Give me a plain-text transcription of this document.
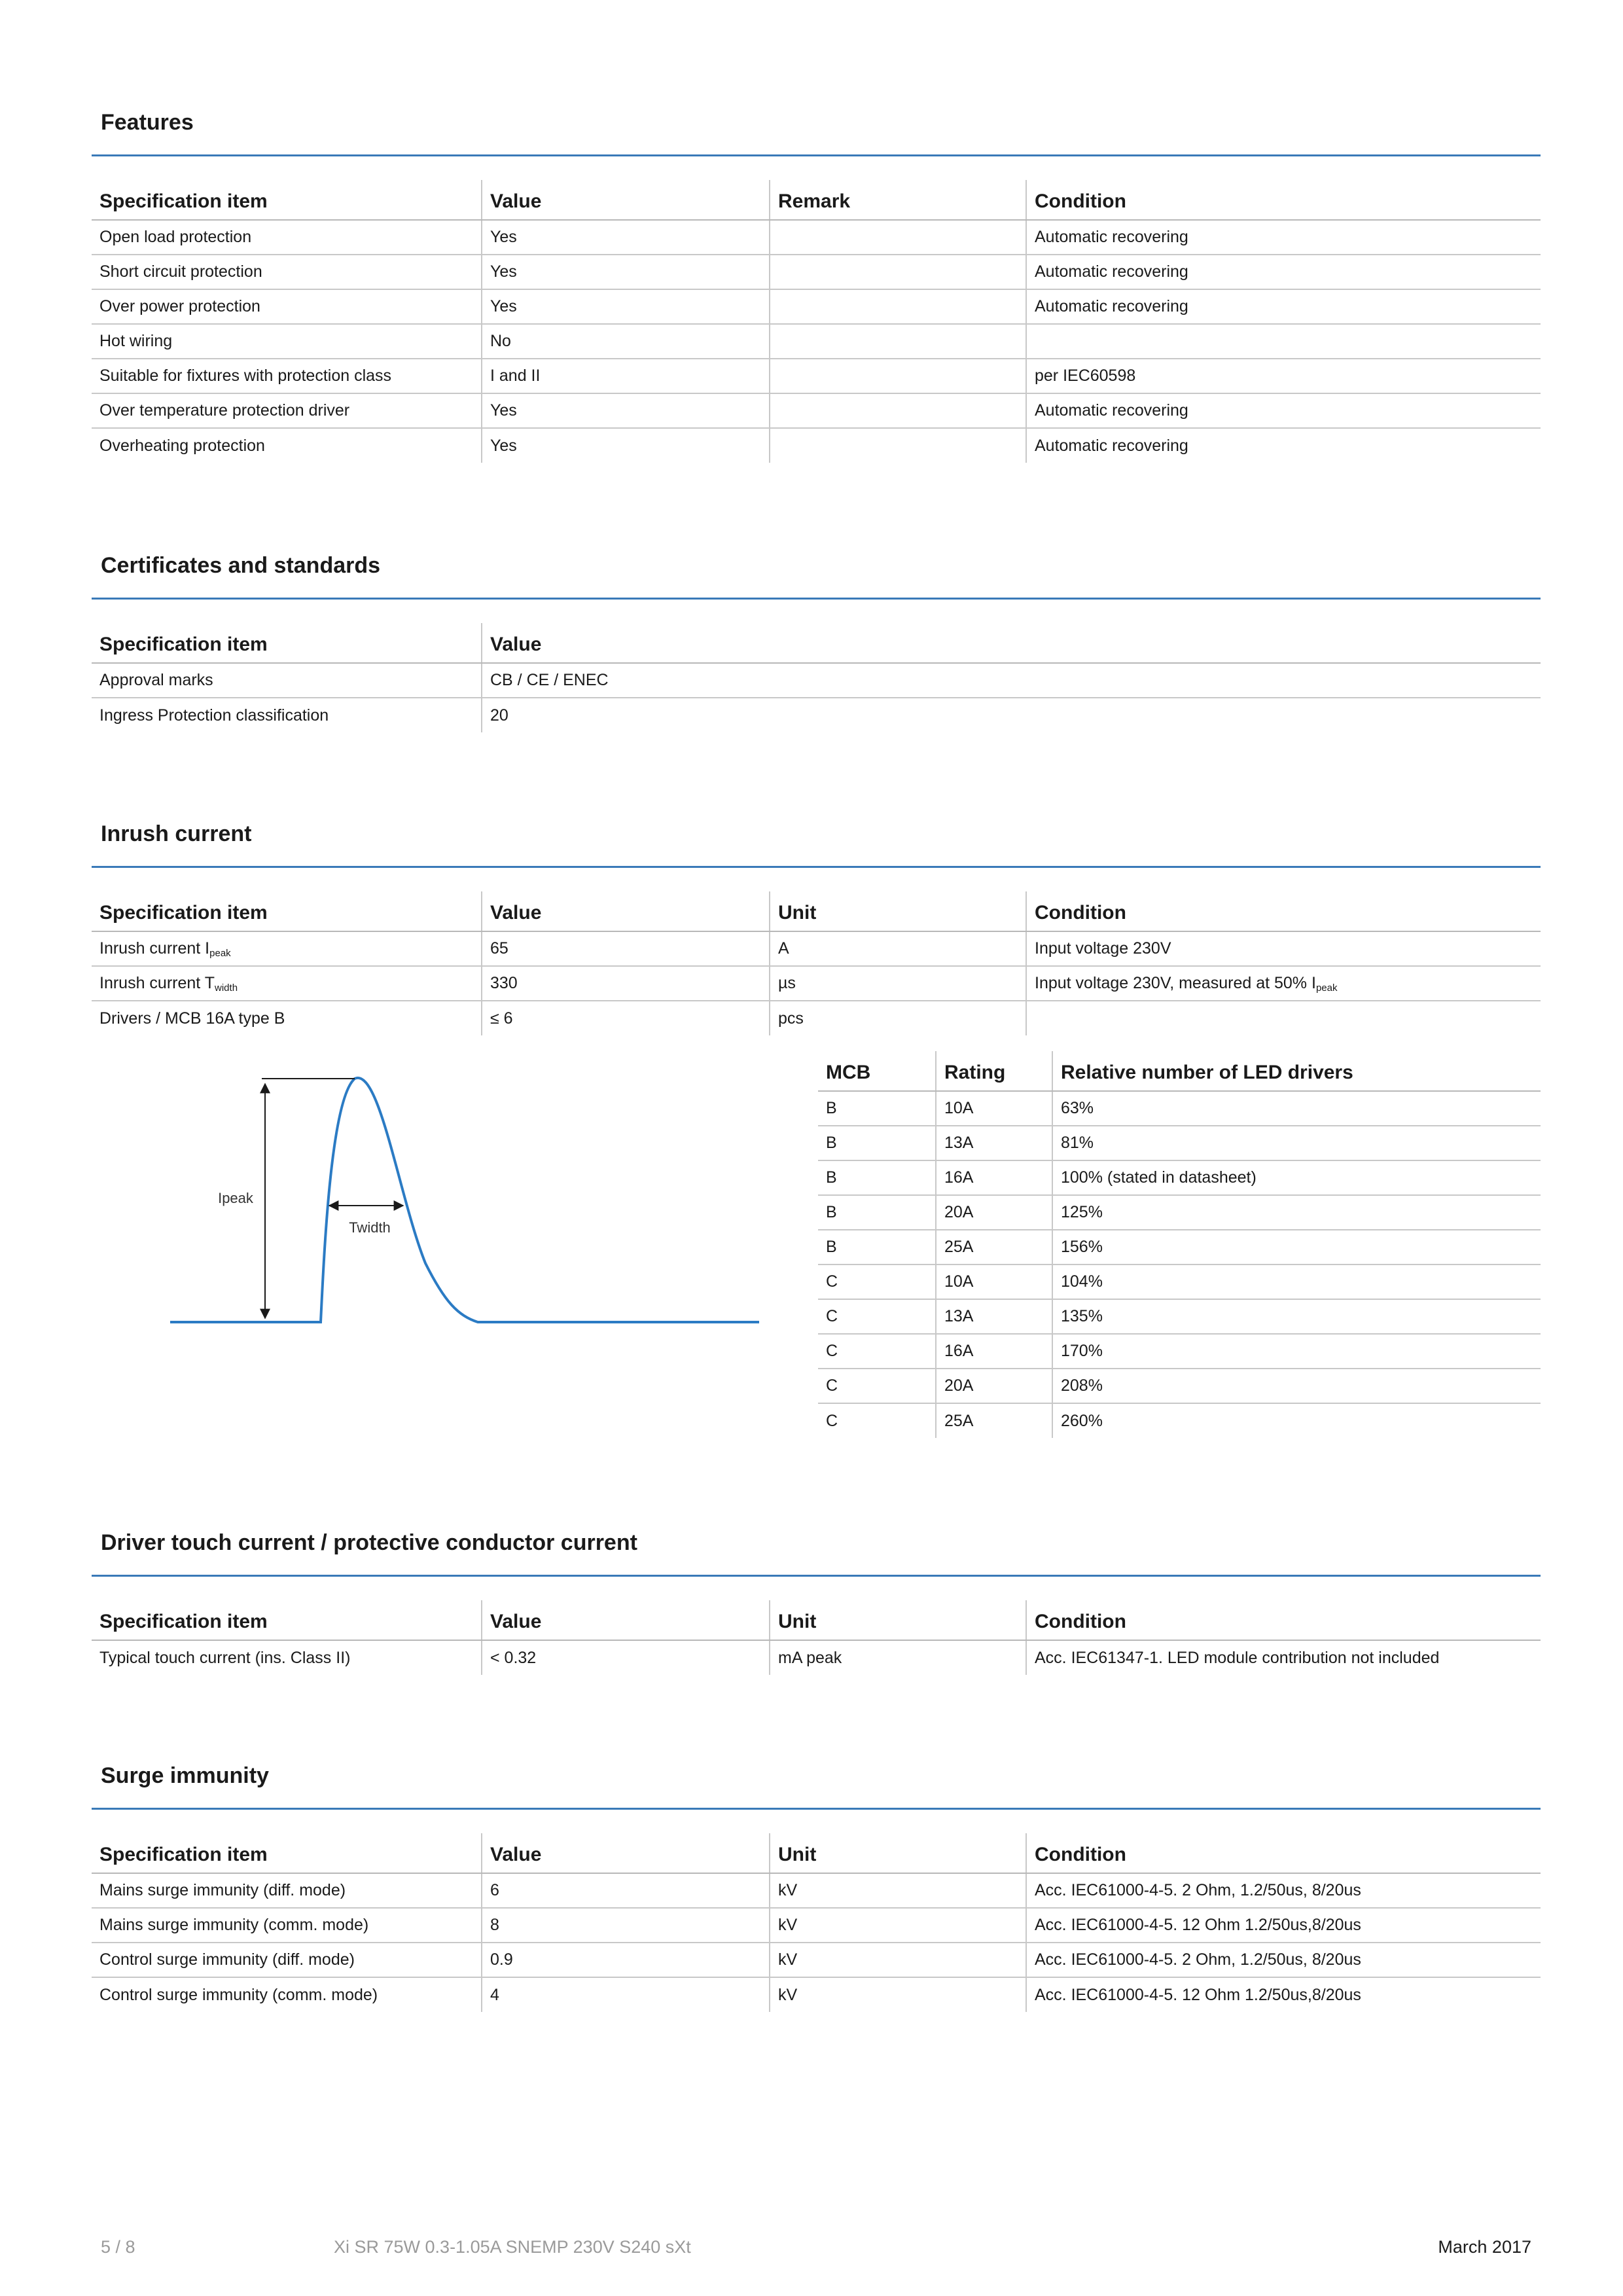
Features
Specification item	Value	Remark	Condition
Open load protection	Yes		Automatic recovering
Short circuit protection	Yes		Automatic recovering
Over power protection	Yes		Automatic recovering
Hot wiring	No		
Suitable for fixtures with protection class	I and II		per IEC60598
Over temperature protection driver	Yes		Automatic recovering
Overheating protection	Yes		Automatic recovering
Certificates and standards
Specification item	Value
Approval marks	CB / CE / ENEC
Ingress Protection classification	20
Inrush current
Specification item	Value	Unit	Condition
Inrush current $I_{peak}$	65	A	Input voltage 230V
Inrush current $T_{width}$	330	µs	Input voltage 230V, measured at 50% $I_{peak}$
Drivers / MCB 16A type B	≤ 6	pcs	
Ipeak
Twidth
MCB	Rating	Relative number of LED drivers
B	10A	63%
B	13A	81%
B	16A	100% (stated in datasheet)
B	20A	125%
B	25A	156%
C	10A	104%
C	13A	135%
C	16A	170%
C	20A	208%
C	25A	260%
Driver touch current / protective conductor current
Specification item	Value	Unit	Condition
Typical touch current (ins. Class II)	< 0.32	mA peak	Acc. IEC61347-1. LED module contribution not included
Surge immunity
Specification item	Value	Unit	Condition
Mains surge immunity (diff. mode)	6	kV	Acc. IEC61000-4-5. 2 Ohm, 1.2/50us, 8/20us
Mains surge immunity (comm. mode)	8	kV	Acc. IEC61000-4-5. 12 Ohm 1.2/50us,8/20us
Control surge immunity (diff. mode)	0.9	kV	Acc. IEC61000-4-5. 2 Ohm, 1.2/50us, 8/20us
Control surge immunity (comm. mode)	4	kV	Acc. IEC61000-4-5. 12 Ohm 1.2/50us,8/20us
5 / 8	Xi SR 75W 0.3-1.05A SNEMP 230V S240 sXt	March 2017
